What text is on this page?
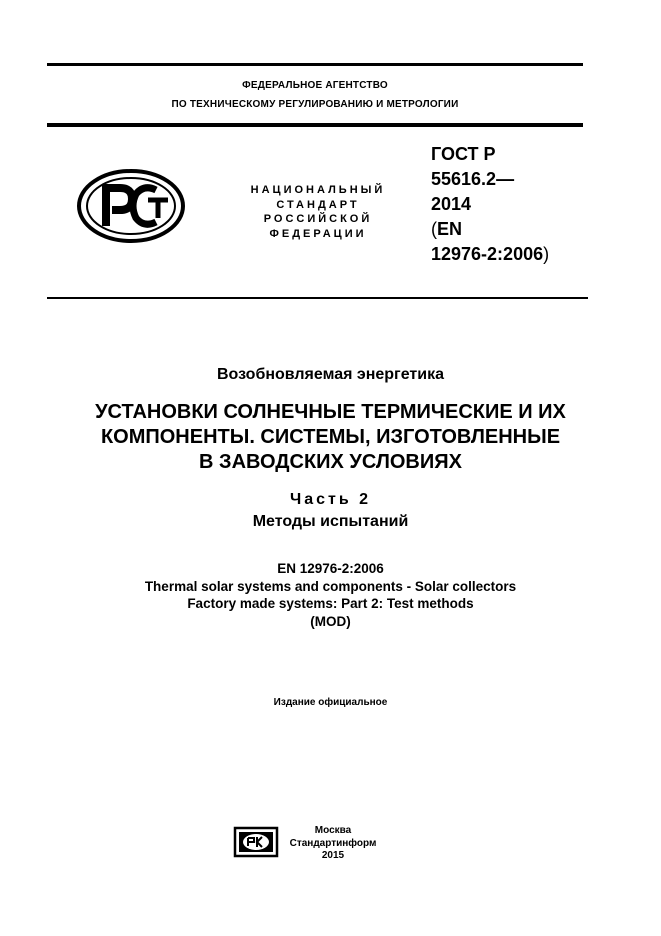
ФЕДЕРАЛЬНОЕ АГЕНТСТВО
ПО ТЕХНИЧЕСКОМУ РЕГУЛИРОВАНИЮ И МЕТРОЛОГИИ
НАЦИОНАЛЬНЫЙ
СТАНДАРТ
РОССИЙСКОЙ
ФЕДЕРАЦИИ
ГОСТ Р
55616.2—
2014
(EN
12976-2:2006)
Возобновляемая энергетика
УСТАНОВКИ СОЛНЕЧНЫЕ ТЕРМИЧЕСКИЕ И ИХ
КОМПОНЕНТЫ. СИСТЕМЫ, ИЗГОТОВЛЕННЫЕ
В ЗАВОДСКИХ УСЛОВИЯХ
Часть 2
Методы испытаний
EN 12976-2:2006
Thermal solar systems and components - Solar collectors
Factory made systems: Part 2: Test methods
(MOD)
Издание официальное
Москва
Стандартинформ
2015
